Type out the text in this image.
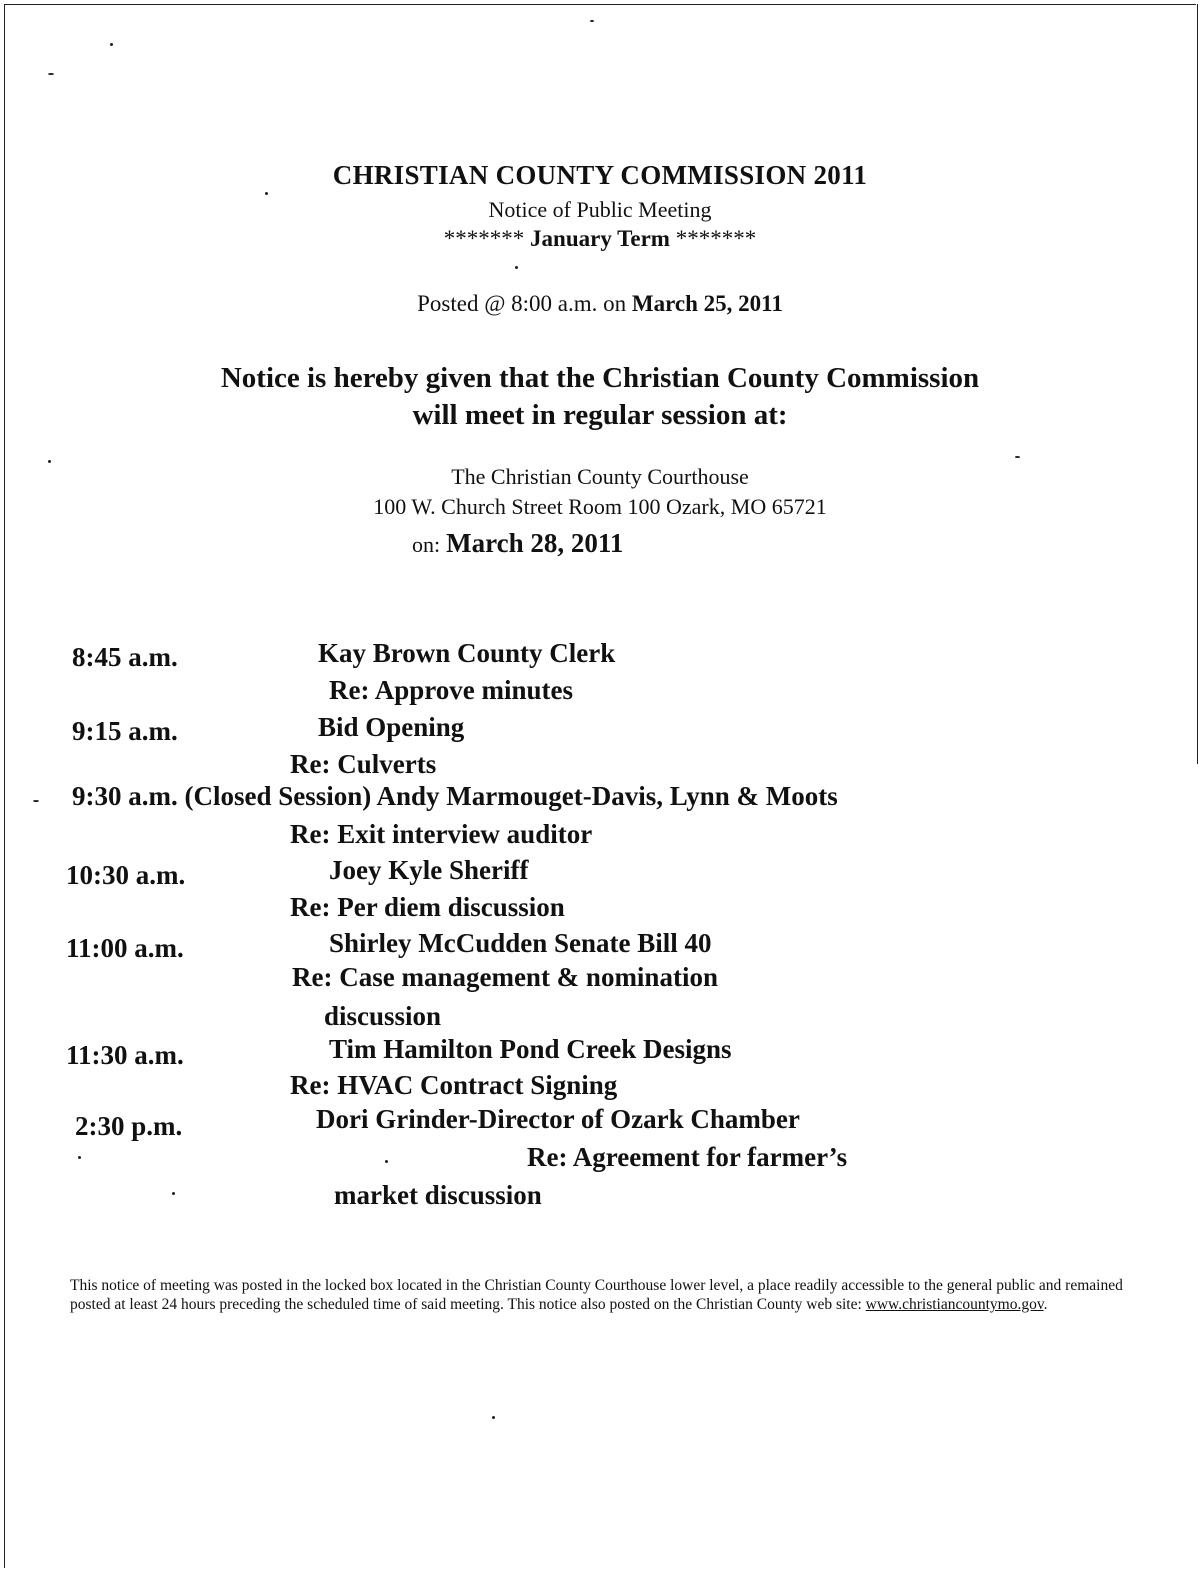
CHRISTIAN COUNTY COMMISSION 2011
Notice of Public Meeting
******* January Term *******
Posted @ 8:00 a.m. on March 25, 2011
Notice is hereby given that the Christian County Commission
will meet in regular session at:
The Christian County Courthouse
100 W. Church Street Room 100 Ozark, MO 65721
on: March 28, 2011
8:45 a.m.	Kay Brown County Clerk
Re: Approve minutes
9:15 a.m.	Bid Opening
Re: Culverts
9:30 a.m. (Closed Session) Andy Marmouget-Davis, Lynn & Moots
Re: Exit interview auditor
10:30 a.m.	Joey Kyle Sheriff
Re: Per diem discussion
11:00 a.m.	Shirley McCudden Senate Bill 40
Re: Case management & nomination
discussion
11:30 a.m.	Tim Hamilton Pond Creek Designs
Re: HVAC Contract Signing
2:30 p.m.	Dori Grinder-Director of Ozark Chamber
Re: Agreement for farmer’s
market discussion
This notice of meeting was posted in the locked box located in the Christian County Courthouse lower level, a place readily accessible to the general public and remained posted at least 24 hours preceding the scheduled time of said meeting. This notice also posted on the Christian County web site: www.christiancountymo.gov.
